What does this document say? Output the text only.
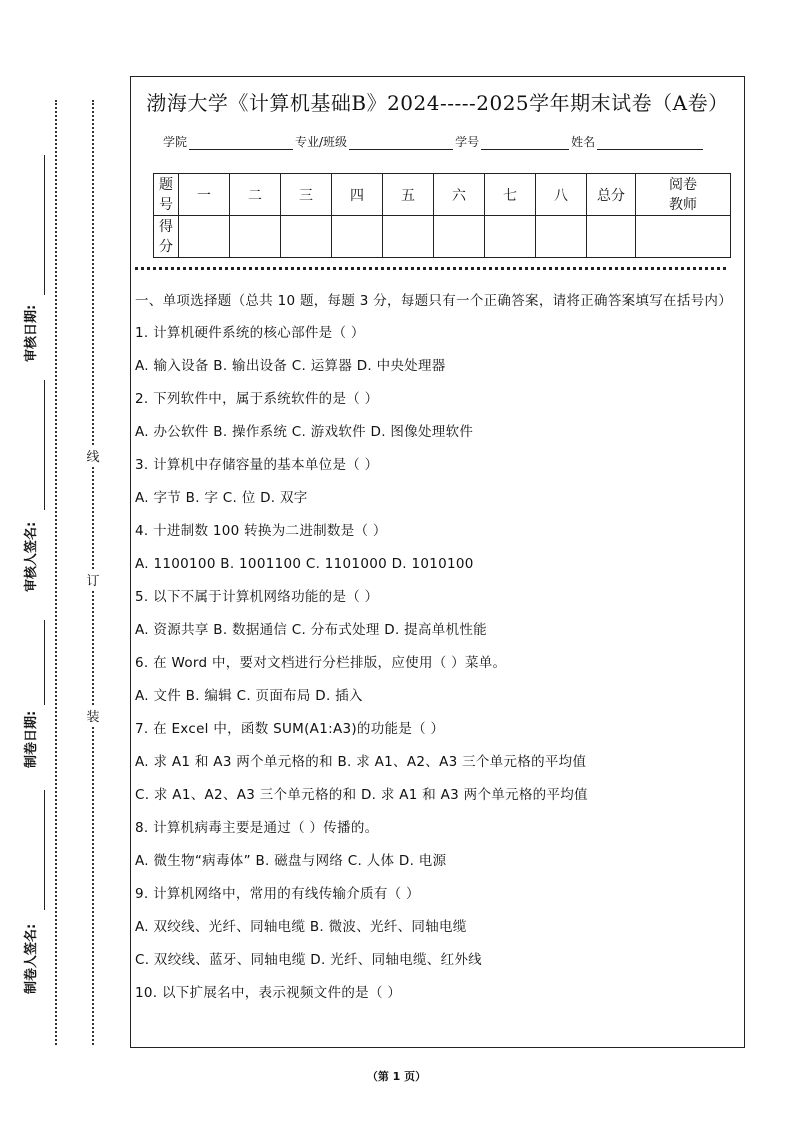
审核日期:
审核人签名:
制卷日期:
制卷人签名:
线
订
装
渤海大学《计算机基础B》2024-----2025学年期末试卷（A卷）
学院	专业/班级	学号	姓名
题
号	一	二	三	四	五	六	七	八	总分	阅卷
教师
得
分										
一、单项选择题（总共 10 题，每题 3 分，每题只有一个正确答案，请将正确答案填写在括号内）
1. 计算机硬件系统的核心部件是（ ）
A. 输入设备 B. 输出设备 C. 运算器 D. 中央处理器
2. 下列软件中，属于系统软件的是（ ）
A. 办公软件 B. 操作系统 C. 游戏软件 D. 图像处理软件
3. 计算机中存储容量的基本单位是（ ）
A. 字节 B. 字 C. 位 D. 双字
4. 十进制数 100 转换为二进制数是（ ）
A. 1100100 B. 1001100 C. 1101000 D. 1010100
5. 以下不属于计算机网络功能的是（ ）
A. 资源共享 B. 数据通信 C. 分布式处理 D. 提高单机性能
6. 在 Word 中，要对文档进行分栏排版，应使用（ ）菜单。
A. 文件 B. 编辑 C. 页面布局 D. 插入
7. 在 Excel 中，函数 SUM(A1:A3)的功能是（ ）
A. 求 A1 和 A3 两个单元格的和 B. 求 A1、A2、A3 三个单元格的平均值
C. 求 A1、A2、A3 三个单元格的和 D. 求 A1 和 A3 两个单元格的平均值
8. 计算机病毒主要是通过（ ）传播的。
A. 微生物“病毒体” B. 磁盘与网络 C. 人体 D. 电源
9. 计算机网络中，常用的有线传输介质有（ ）
A. 双绞线、光纤、同轴电缆 B. 微波、光纤、同轴电缆
C. 双绞线、蓝牙、同轴电缆 D. 光纤、同轴电缆、红外线
10. 以下扩展名中，表示视频文件的是（ ）
（第 1 页）
